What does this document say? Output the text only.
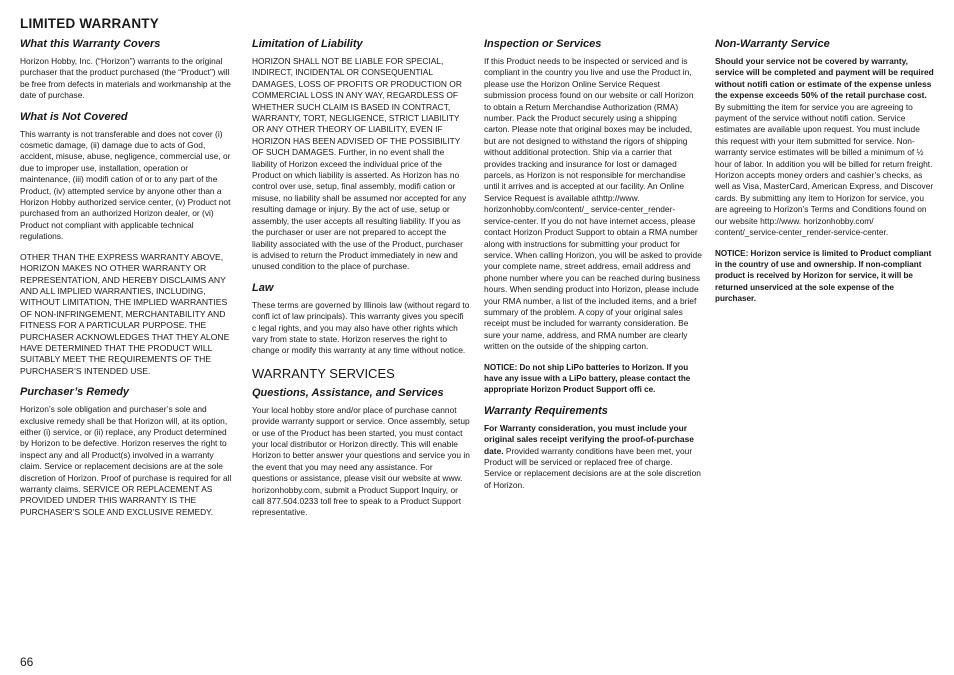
LIMITED WARRANTY
What this Warranty Covers

Horizon Hobby, Inc. (“Horizon”) warrants to the original purchaser that the product purchased (the “Product”) will be free from defects in materials and workmanship at the date of purchase.

What is Not Covered

This warranty is not transferable and does not cover (i) cosmetic damage, (ii) damage due to acts of God, accident, misuse, abuse, negligence, commercial use, or due to improper use, installation, operation or maintenance, (iii) modifi cation of or to any part of the Product, (iv) attempted service by anyone other than a Horizon Hobby authorized service center, (v) Product not purchased from an authorized Horizon dealer, or (vi) Product not compliant with applicable technical regulations.

OTHER THAN THE EXPRESS WARRANTY ABOVE, HORIZON MAKES NO OTHER WARRANTY OR REPRESENTATION, AND HEREBY DISCLAIMS ANY AND ALL IMPLIED WARRANTIES, INCLUDING, WITHOUT LIMITATION, THE IMPLIED WARRANTIES OF NON-INFRINGEMENT, MERCHANTABILITY AND FITNESS FOR A PARTICULAR PURPOSE. THE PURCHASER ACKNOWLEDGES THAT THEY ALONE HAVE DETERMINED THAT THE PRODUCT WILL SUITABLY MEET THE REQUIREMENTS OF THE PURCHASER’S INTENDED USE.

Purchaser’s Remedy

Horizon’s sole obligation and purchaser’s sole and exclusive remedy shall be that Horizon will, at its option, either (i) service, or (ii) replace, any Product determined by Horizon to be defective. Horizon reserves the right to inspect any and all Product(s) involved in a warranty claim. Service or replacement decisions are at the sole discretion of Horizon. Proof of purchase is required for all warranty claims. SERVICE OR REPLACEMENT AS PROVIDED UNDER THIS WARRANTY IS THE PURCHASER’S SOLE AND EXCLUSIVE REMEDY.

Limitation of Liability

HORIZON SHALL NOT BE LIABLE FOR SPECIAL, INDIRECT, INCIDENTAL OR CONSEQUENTIAL DAMAGES, LOSS OF PROFITS OR PRODUCTION OR COMMERCIAL LOSS IN ANY WAY, REGARDLESS OF WHETHER SUCH CLAIM IS BASED IN CONTRACT, WARRANTY, TORT, NEGLIGENCE, STRICT LIABILITY OR ANY OTHER THEORY OF LIABILITY, EVEN IF HORIZON HAS BEEN ADVISED OF THE POSSIBILITY OF SUCH DAMAGES. Further, in no event shall the liability of Horizon exceed the individual price of the Product on which liability is asserted. As Horizon has no control over use, setup, final assembly, modifi cation or misuse, no liability shall be assumed nor accepted for any resulting damage or injury. By the act of use, setup or assembly, the user accepts all resulting liability. If you as the purchaser or user are not prepared to accept the liability associated with the use of the Product, purchaser is advised to return the Product immediately in new and unused condition to the place of purchase.

Law

These terms are governed by Illinois law (without regard to confl ict of law principals). This warranty gives you specifi c legal rights, and you may also have other rights which vary from state to state. Horizon reserves the right to change or modify this warranty at any time without notice.

WARRANTY SERVICES
Questions, Assistance, and Services

Your local hobby store and/or place of purchase cannot provide warranty support or service. Once assembly, setup or use of the Product has been started, you must contact your local distributor or Horizon directly. This will enable Horizon to better answer your questions and service you in the event that you may need any assistance. For questions or assistance, please visit our website at www. horizonhobby.com, submit a Product Support Inquiry, or call 877.504.0233 toll free to speak to a Product Support representative.

Inspection or Services

If this Product needs to be inspected or serviced and is compliant in the country you live and use the Product in, please use the Horizon Online Service Request submission process found on our website or call Horizon to obtain a Return Merchandise Authorization (RMA) number. Pack the Product securely using a shipping carton. Please note that original boxes may be included, but are not designed to withstand the rigors of shipping without additional protection. Ship via a carrier that provides tracking and insurance for lost or damaged parcels, as Horizon is not responsible for merchandise until it arrives and is accepted at our facility. An Online Service Request is available athttp://www. horizonhobby.com/content/_ service-center_render-service-center. If you do not have internet access, please contact Horizon Product Support to obtain a RMA number along with instructions for submitting your product for service. When calling Horizon, you will be asked to provide your complete name, street address, email address and phone number where you can be reached during business hours. When sending product into Horizon, please include your RMA number, a list of the included items, and a brief summary of the problem. A copy of your original sales receipt must be included for warranty consideration. Be sure your name, address, and RMA number are clearly written on the outside of the shipping carton.

NOTICE: Do not ship LiPo batteries to Horizon. If you have any issue with a LiPo battery, please contact the appropriate Horizon Product Support offi ce.

Warranty Requirements

For Warranty consideration, you must include your original sales receipt verifying the proof-of-purchase date. Provided warranty conditions have been met, your Product will be serviced or replaced free of charge. Service or replacement decisions are at the sole discretion of Horizon.

Non-Warranty Service

Should your service not be covered by warranty, service will be completed and payment will be required without notifi cation or estimate of the expense unless the expense exceeds 50% of the retail purchase cost. By submitting the item for service you are agreeing to payment of the service without notifi cation. Service estimates are available upon request. You must include this request with your item submitted for service. Non-warranty service estimates will be billed a minimum of ½ hour of labor. In addition you will be billed for return freight. Horizon accepts money orders and cashier’s checks, as well as Visa, MasterCard, American Express, and Discover cards. By submitting any item to Horizon for service, you are agreeing to Horizon’s Terms and Conditions found on our website http://www. horizonhobby.com/ content/_service-center_render-service-center.

NOTICE: Horizon service is limited to Product compliant in the country of use and ownership. If non-compliant product is received by Horizon for service, it will be returned unserviced at the sole expense of the purchaser.

66
